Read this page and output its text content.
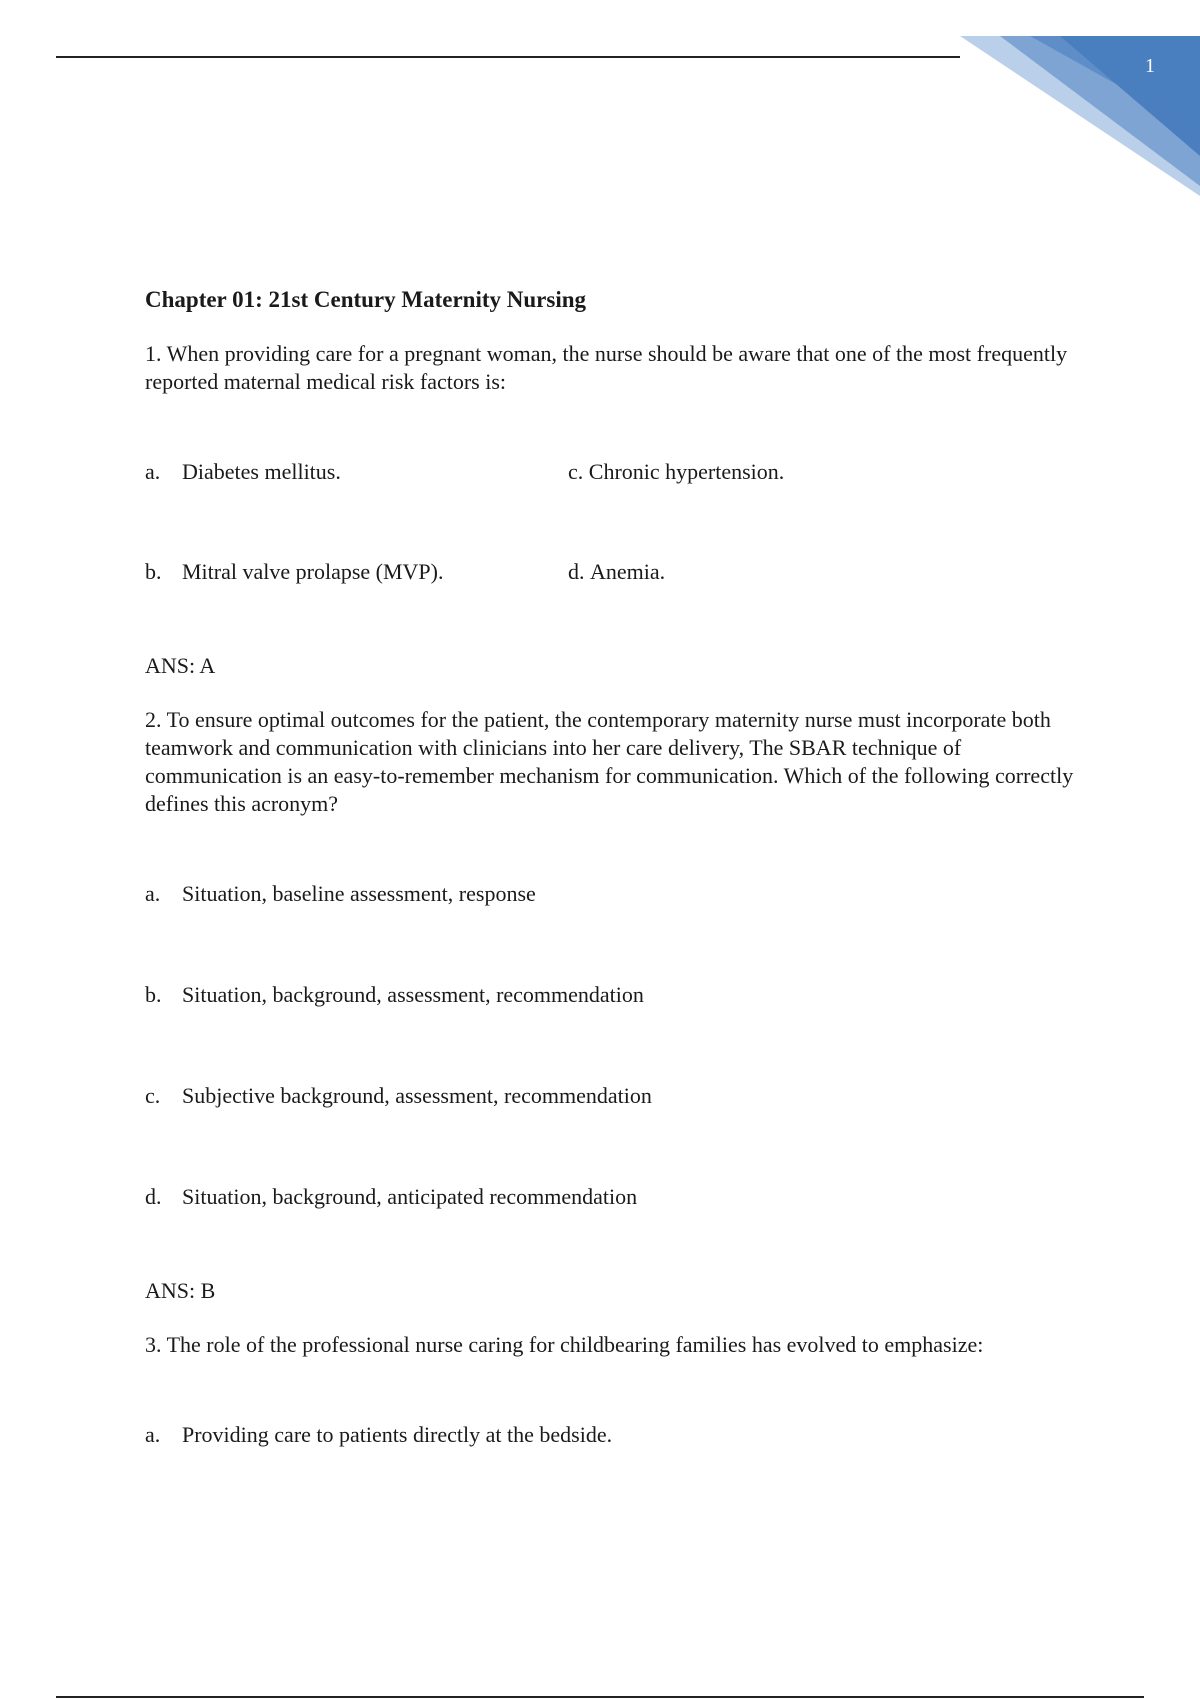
1
Chapter 01: 21st Century Maternity Nursing
1. When providing care for a pregnant woman, the nurse should be aware that one of the most frequently reported maternal medical risk factors is:
a. Diabetes mellitus.	c.
Chronic hypertension.
b. Mitral valve prolapse (MVP).	d.
Anemia.
ANS: A
2. To ensure optimal outcomes for the patient, the contemporary maternity nurse must incorporate both teamwork and communication with clinicians into her care delivery, The SBAR technique of communication is an easy-to-remember mechanism for communication. Which of the following correctly defines this acronym?
a. Situation, baseline assessment, response
b. Situation, background, assessment, recommendation
c. Subjective background, assessment, recommendation
d. Situation, background, anticipated recommendation
ANS: B
3. The role of the professional nurse caring for childbearing families has evolved to emphasize:
a. Providing care to patients directly at the bedside.
